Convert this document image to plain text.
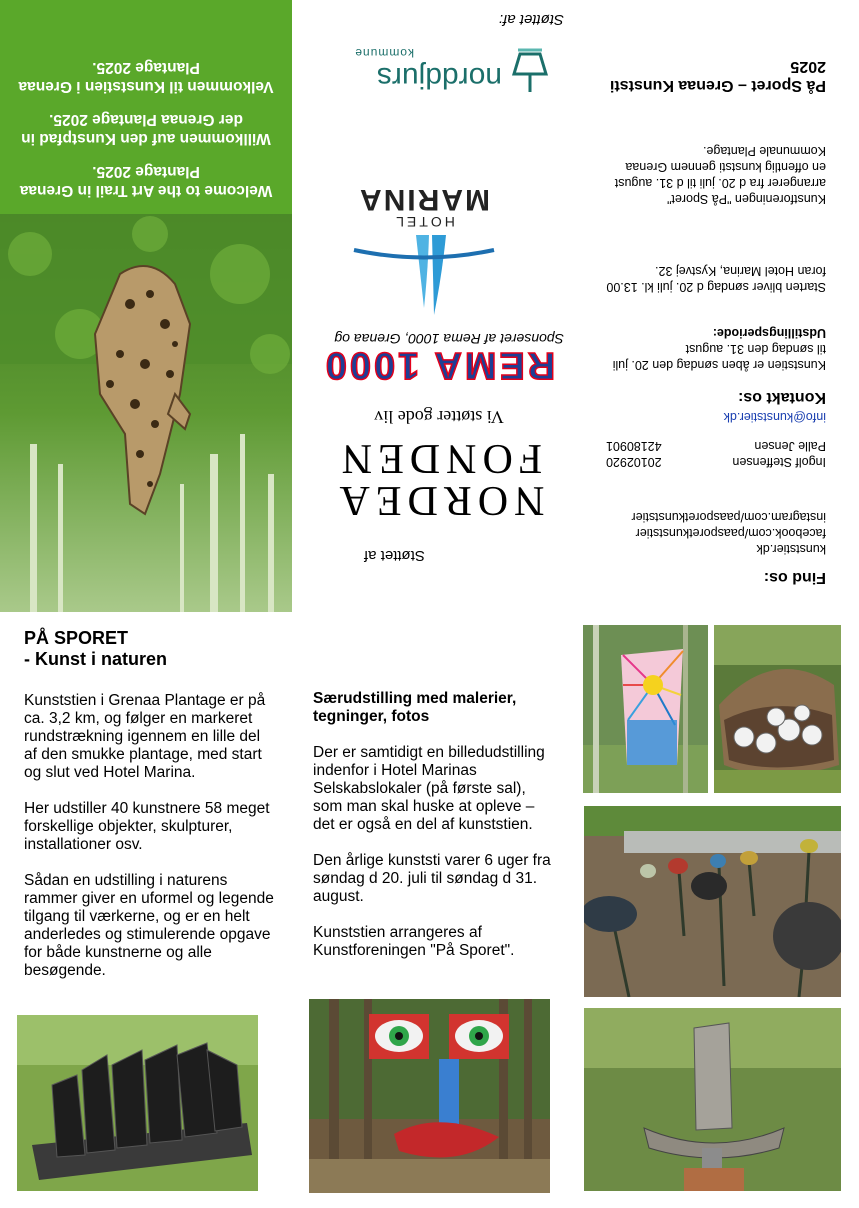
Welcome to the Art Trail in Grenaa Plantage 2025.

Willkommen auf den Kunstpfad in der Grenaa Plantage 2025.

Velkommen til Kunststien i Grenaa Plantage 2025.

Støttet af
NORDEA
FONDEN
Vi støtter gode liv
HOTEL
MARINA
Sponseret af Rema 1000, Grenaa og
REMA 1000
norddjurs
kommune
Støttet af:
Find os:
kunststier.dk
facebook.com/paasporetkunststier
instagram.com/paasporetkunststier
Ingolf Steffensen
20102920
Palle Jensen
42180901
info@kunststier.dk
Kontakt os:
Kunststien er åben søndag den 20. juli til søndag den 31. august
Udstillingsperiode:
Starten bliver søndag d 20. juli kl. 13.00 foran Hotel Marina, Kystvej 32.
Kunstforeningen "På Sporet" arrangerer fra d 20. juli til d 31. august en offentlig kunststi gennem Grenaa Kommunale Plantage.
På Sporet – Grenaa Kunststi 2025
PÅ SPORET
- Kunst i naturen

Kunststien i Grenaa Plantage er på ca. 3,2 km, og følger en markeret rundstrækning igennem en lille del af den smukke plantage, med start og slut ved Hotel Marina.

Her udstiller 40 kunstnere 58 meget forskellige objekter, skulpturer, installationer osv.

Sådan en udstilling i naturens rammer giver en uformel og legende tilgang til værkerne, og er en helt anderledes og stimulerende opgave for både kunstnerne og alle besøgende.

Særudstilling med malerier, tegninger, fotos

Der er samtidigt en billedudstilling indenfor i Hotel Marinas Selskabslokaler (på første sal), som man skal huske at opleve – det er også en del af kunststien.

Den årlige kunststi varer 6 uger fra søndag d 20. juli til søndag d 31. august.

Kunststien arrangeres af Kunstforeningen "På Sporet".
